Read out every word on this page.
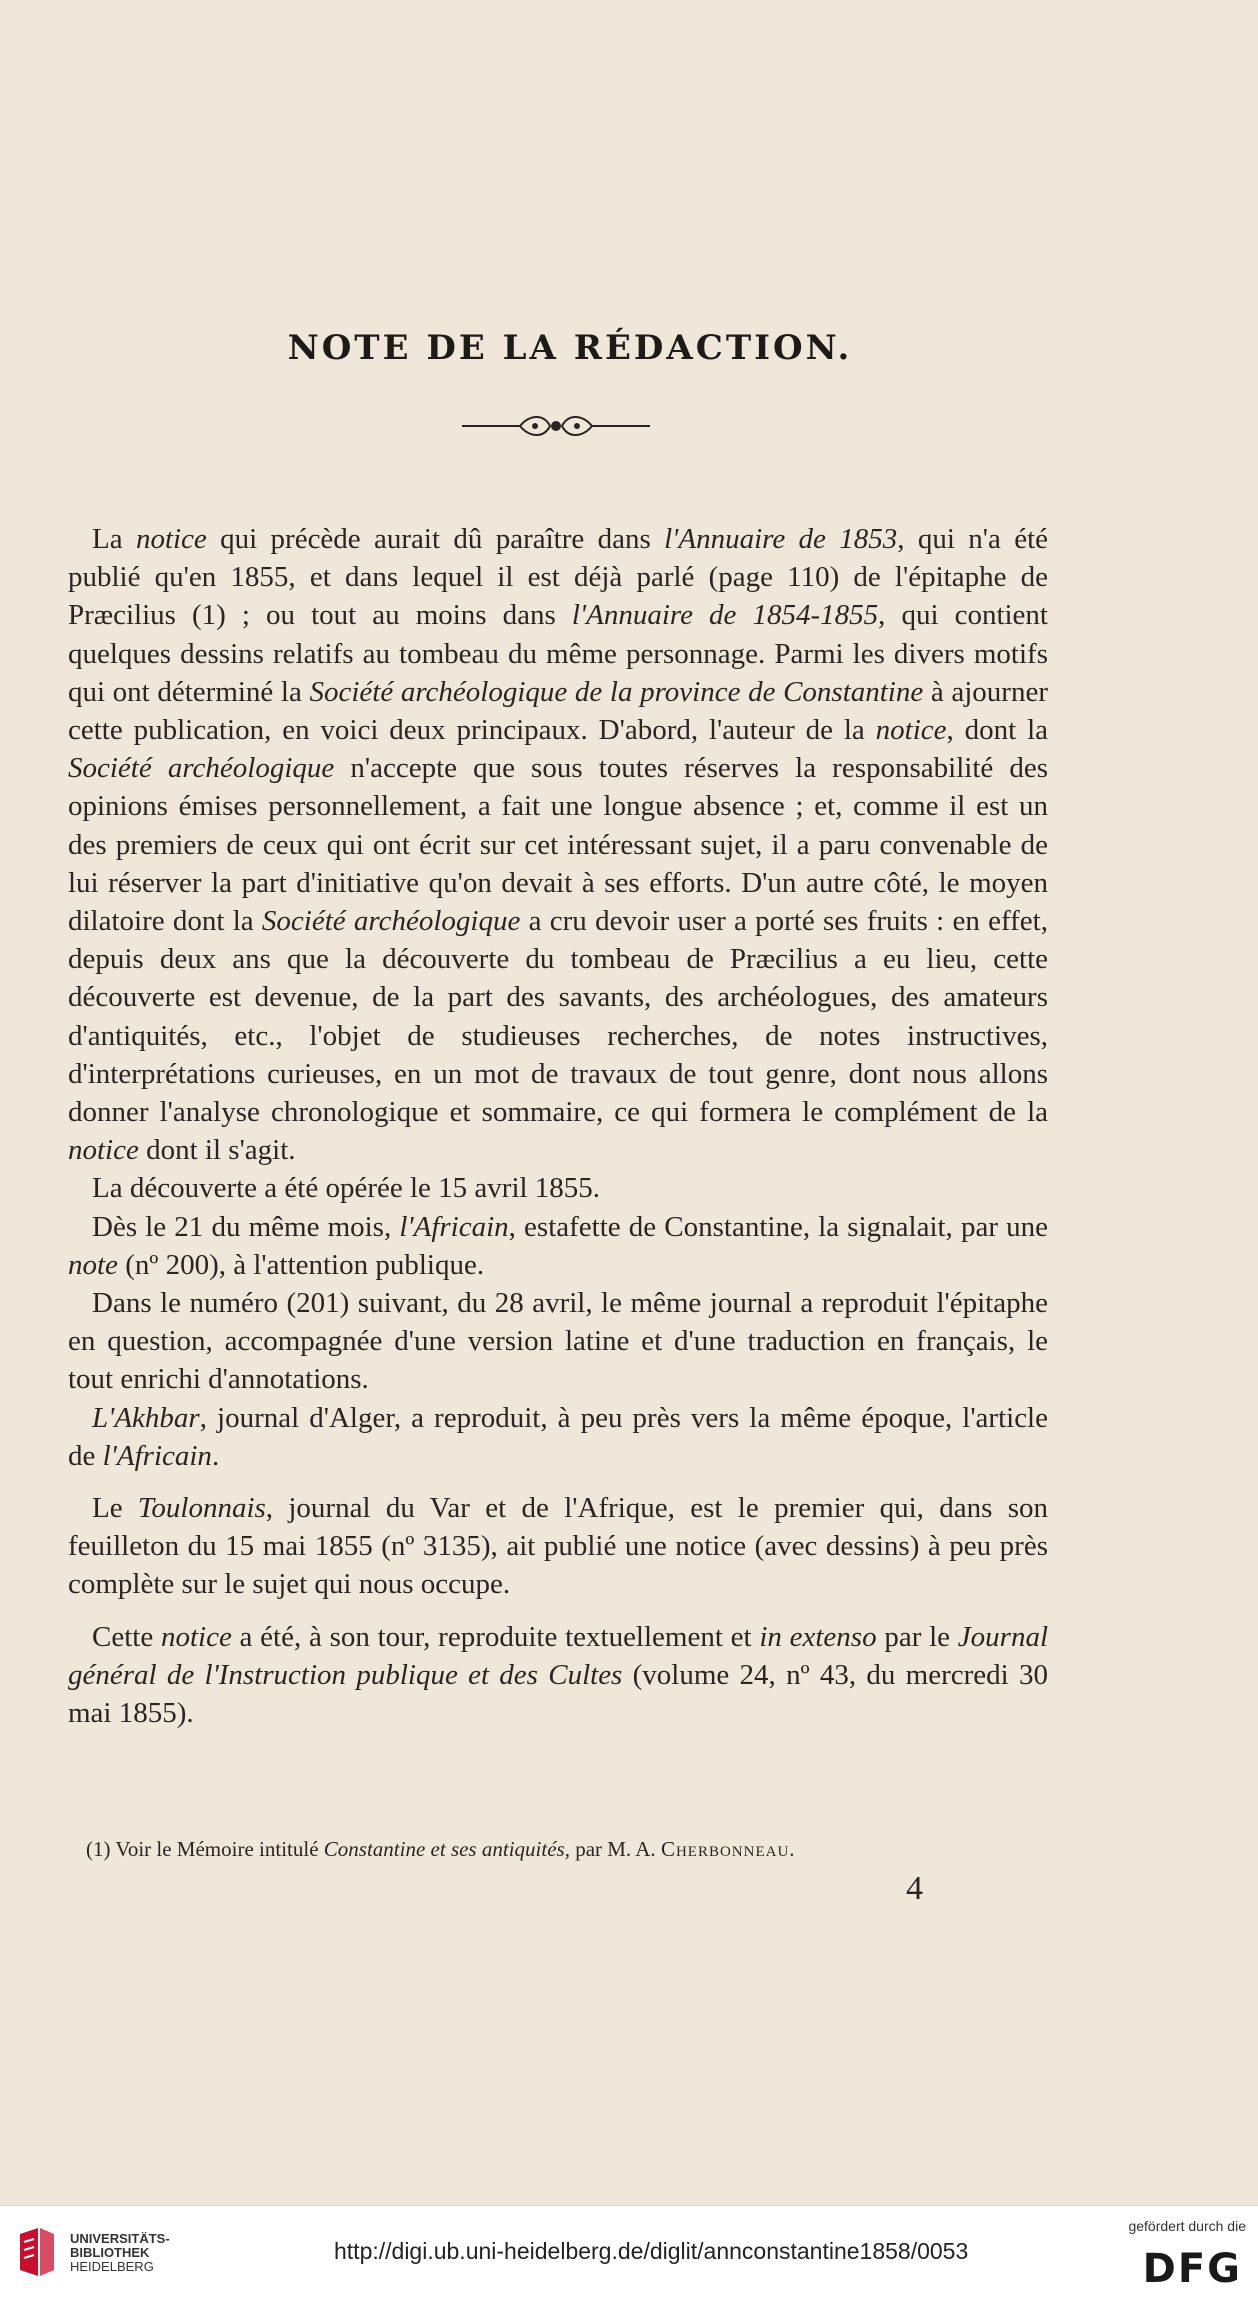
NOTE DE LA RÉDACTION.

La notice qui précède aurait dû paraître dans l'Annuaire de 1853, qui n'a été publié qu'en 1855, et dans lequel il est déjà parlé (page 110) de l'épitaphe de Præcilius (1) ; ou tout au moins dans l'Annuaire de 1854-1855, qui contient quelques dessins relatifs au tombeau du même personnage. Parmi les divers motifs qui ont déterminé la Société archéologique de la province de Constantine à ajourner cette publication, en voici deux principaux. D'abord, l'auteur de la notice, dont la Société archéologique n'accepte que sous toutes réserves la responsabilité des opinions émises personnellement, a fait une longue absence ; et, comme il est un des premiers de ceux qui ont écrit sur cet intéressant sujet, il a paru convenable de lui réserver la part d'initiative qu'on devait à ses efforts. D'un autre côté, le moyen dilatoire dont la Société archéologique a cru devoir user a porté ses fruits : en effet, depuis deux ans que la découverte du tombeau de Præcilius a eu lieu, cette découverte est devenue, de la part des savants, des archéologues, des amateurs d'antiquités, etc., l'objet de studieuses recherches, de notes instructives, d'interprétations curieuses, en un mot de travaux de tout genre, dont nous allons donner l'analyse chronologique et sommaire, ce qui formera le complément de la notice dont il s'agit.

La découverte a été opérée le 15 avril 1855.

Dès le 21 du même mois, l'Africain, estafette de Constantine, la signalait, par une note (nº 200), à l'attention publique.

Dans le numéro (201) suivant, du 28 avril, le même journal a reproduit l'épitaphe en question, accompagnée d'une version latine et d'une traduction en français, le tout enrichi d'annotations.

L'Akhbar, journal d'Alger, a reproduit, à peu près vers la même époque, l'article de l'Africain.

Le Toulonnais, journal du Var et de l'Afrique, est le premier qui, dans son feuilleton du 15 mai 1855 (nº 3135), ait publié une notice (avec dessins) à peu près complète sur le sujet qui nous occupe.

Cette notice a été, à son tour, reproduite textuellement et in extenso par le Journal général de l'Instruction publique et des Cultes (volume 24, nº 43, du mercredi 30 mai 1855).

(1) Voir le Mémoire intitulé Constantine et ses antiquités, par M. A. Cherbonneau.
4
UNIVERSITÄTS-
BIBLIOTHEK
HEIDELBERG
http://digi.ub.uni-heidelberg.de/diglit/annconstantine1858/0053
gefördert durch die
DFG
